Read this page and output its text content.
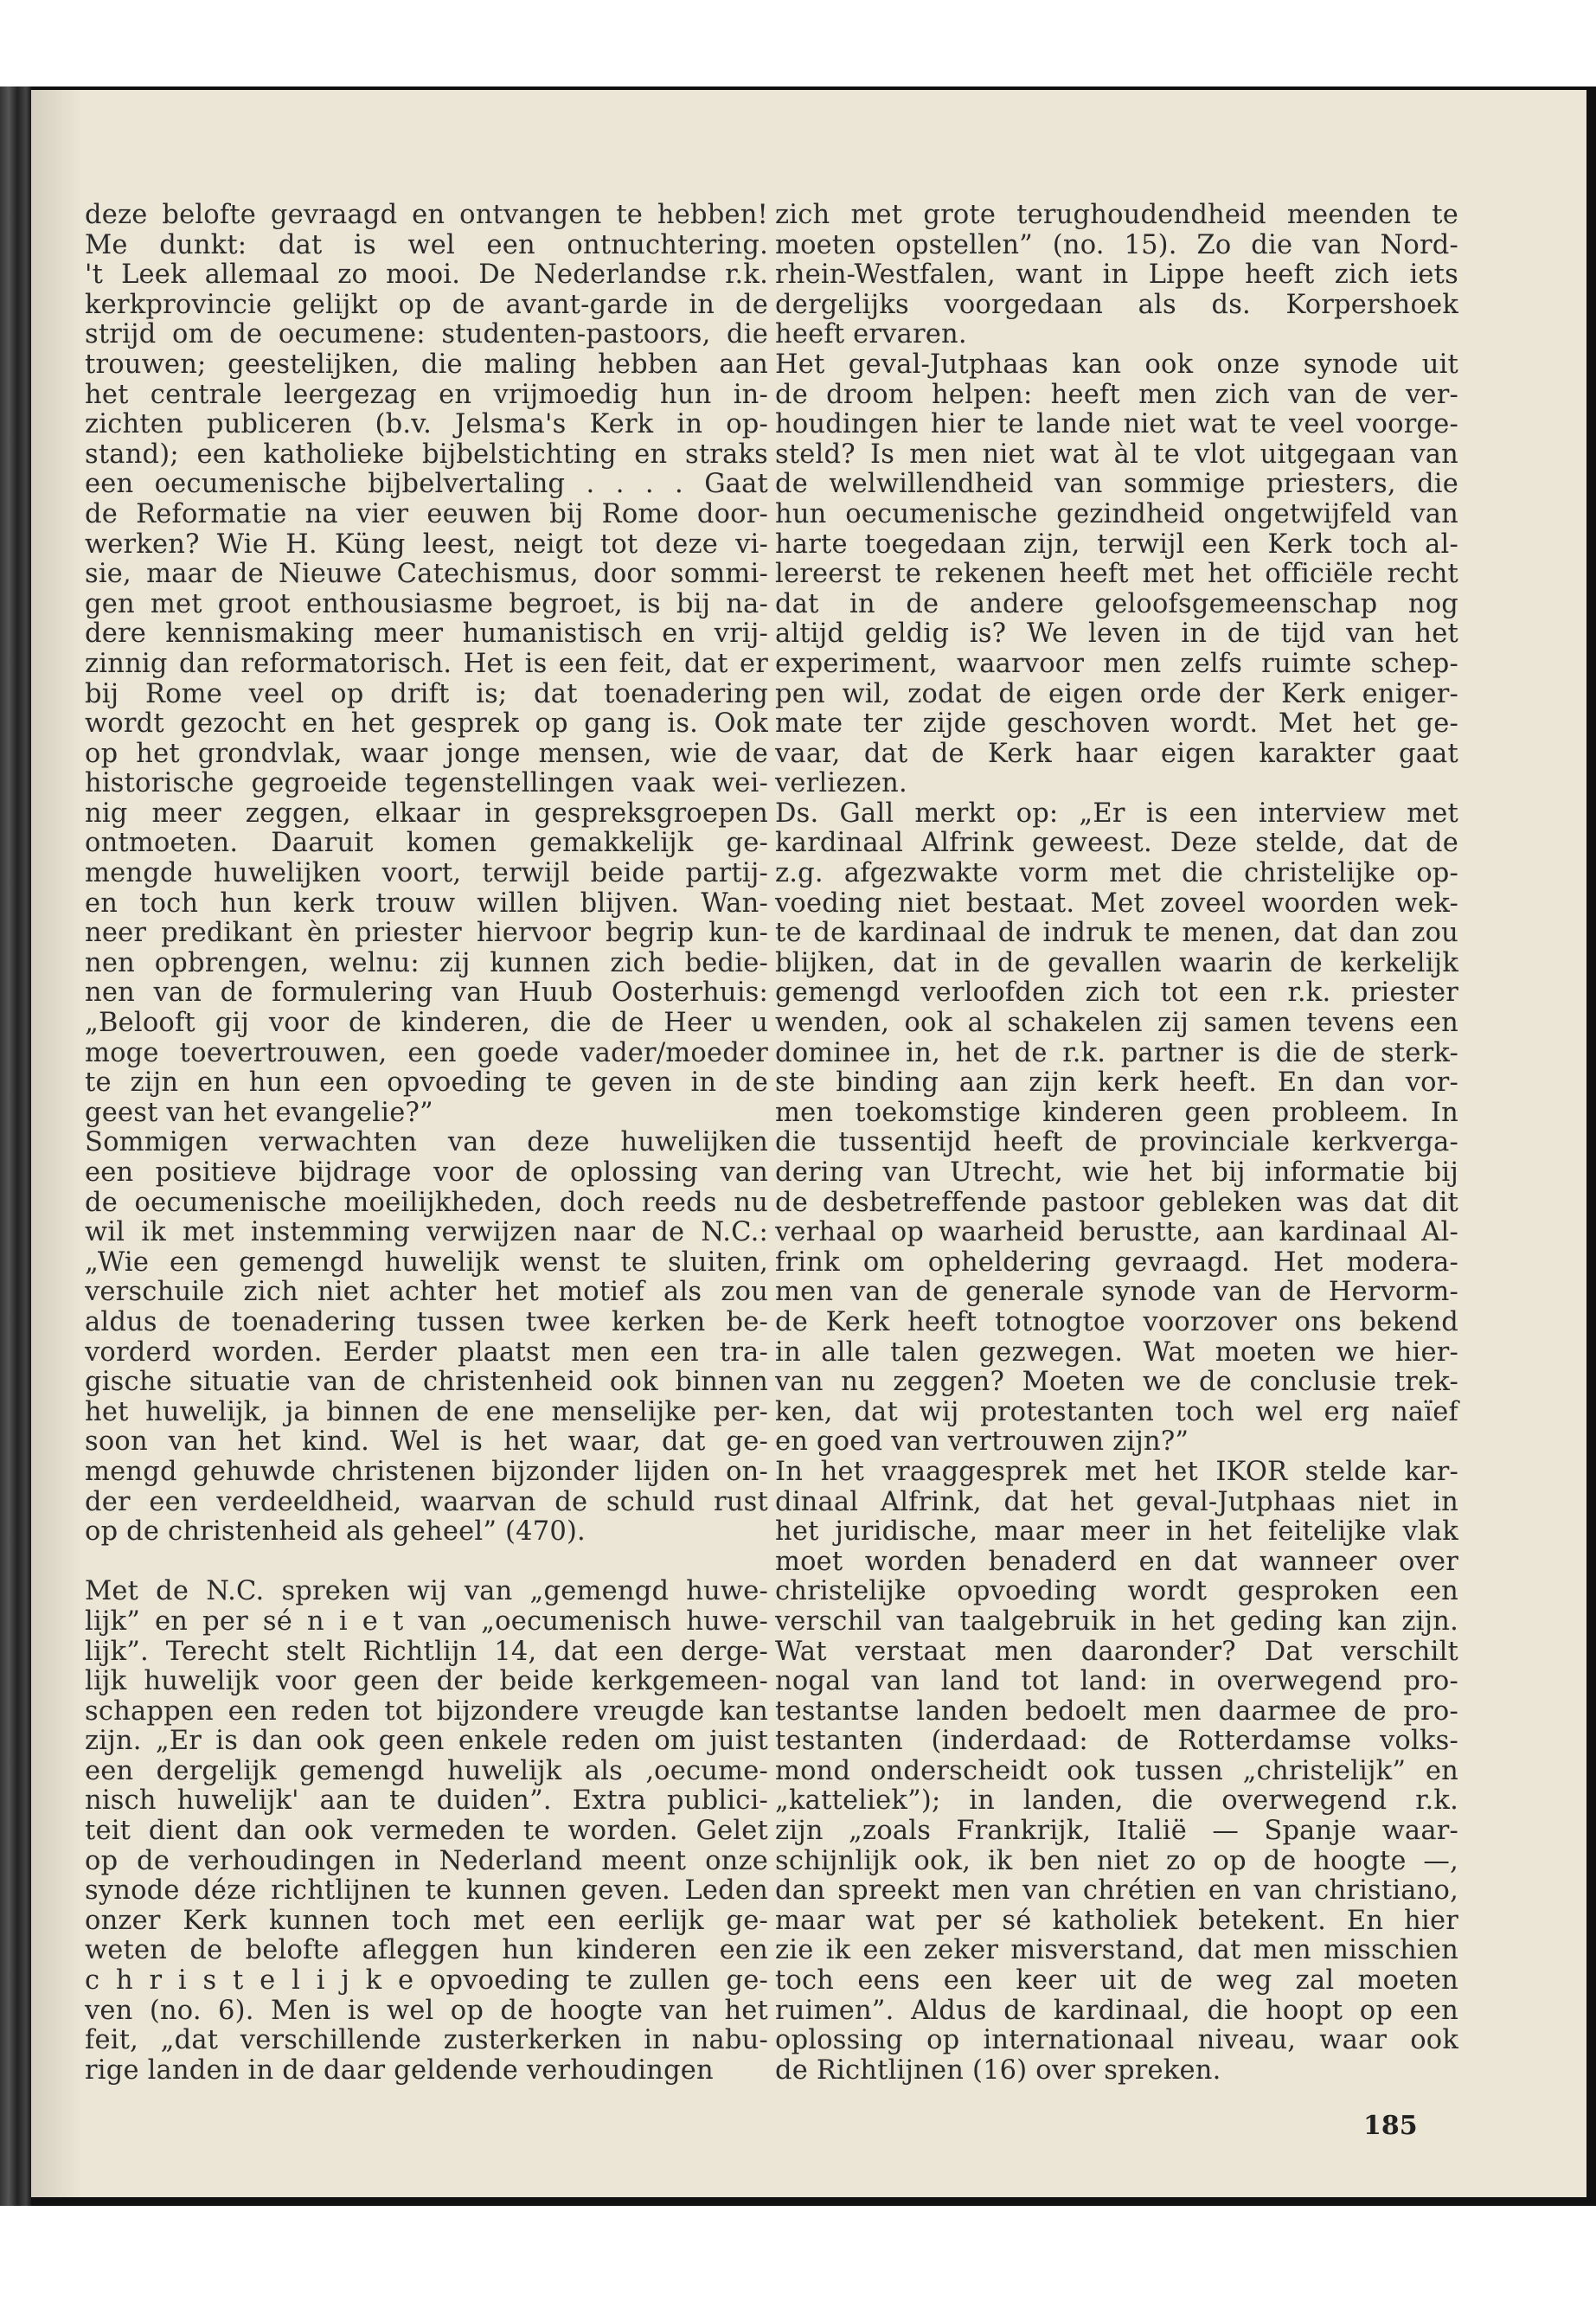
deze belofte gevraagd en ontvangen te hebben!
Me dunkt: dat is wel een ontnuchtering.
't Leek allemaal zo mooi. De Nederlandse r.k.
kerkprovincie gelijkt op de avant-garde in de
strijd om de oecumene: studenten-pastoors, die
trouwen; geestelijken, die maling hebben aan
het centrale leergezag en vrijmoedig hun in-
zichten publiceren (b.v. Jelsma's Kerk in op-
stand); een katholieke bijbelstichting en straks
een oecumenische bijbelvertaling . . . . Gaat
de Reformatie na vier eeuwen bij Rome door-
werken? Wie H. Küng leest, neigt tot deze vi-
sie, maar de Nieuwe Catechismus, door sommi-
gen met groot enthousiasme begroet, is bij na-
dere kennismaking meer humanistisch en vrij-
zinnig dan reformatorisch. Het is een feit, dat er
bij Rome veel op drift is; dat toenadering
wordt gezocht en het gesprek op gang is. Ook
op het grondvlak, waar jonge mensen, wie de
historische gegroeide tegenstellingen vaak wei-
nig meer zeggen, elkaar in gespreksgroepen
ontmoeten. Daaruit komen gemakkelijk ge-
mengde huwelijken voort, terwijl beide partij-
en toch hun kerk trouw willen blijven. Wan-
neer predikant èn priester hiervoor begrip kun-
nen opbrengen, welnu: zij kunnen zich bedie-
nen van de formulering van Huub Oosterhuis:
„Belooft gij voor de kinderen, die de Heer u
moge toevertrouwen, een goede vader/moeder
te zijn en hun een opvoeding te geven in de
geest van het evangelie?”
Sommigen verwachten van deze huwelijken
een positieve bijdrage voor de oplossing van
de oecumenische moeilijkheden, doch reeds nu
wil ik met instemming verwijzen naar de N.C.:
„Wie een gemengd huwelijk wenst te sluiten,
verschuile zich niet achter het motief als zou
aldus de toenadering tussen twee kerken be-
vorderd worden. Eerder plaatst men een tra-
gische situatie van de christenheid ook binnen
het huwelijk, ja binnen de ene menselijke per-
soon van het kind. Wel is het waar, dat ge-
mengd gehuwde christenen bijzonder lijden on-
der een verdeeldheid, waarvan de schuld rust
op de christenheid als geheel” (470).
Met de N.C. spreken wij van „gemengd huwe-
lijk” en per sé n i e t van „oecumenisch huwe-
lijk”. Terecht stelt Richtlijn 14, dat een derge-
lijk huwelijk voor geen der beide kerkgemeen-
schappen een reden tot bijzondere vreugde kan
zijn. „Er is dan ook geen enkele reden om juist
een dergelijk gemengd huwelijk als ‚oecume-
nisch huwelijk' aan te duiden”. Extra publici-
teit dient dan ook vermeden te worden. Gelet
op de verhoudingen in Nederland meent onze
synode déze richtlijnen te kunnen geven. Leden
onzer Kerk kunnen toch met een eerlijk ge-
weten de belofte afleggen hun kinderen een
c h r i s t e l i j k e opvoeding te zullen ge-
ven (no. 6). Men is wel op de hoogte van het
feit, „dat verschillende zusterkerken in nabu-
rige landen in de daar geldende verhoudingen
zich met grote terughoudendheid meenden te
moeten opstellen” (no. 15). Zo die van Nord-
rhein-Westfalen, want in Lippe heeft zich iets
dergelijks voorgedaan als ds. Korpershoek
heeft ervaren.
Het geval-Jutphaas kan ook onze synode uit
de droom helpen: heeft men zich van de ver-
houdingen hier te lande niet wat te veel voorge-
steld? Is men niet wat àl te vlot uitgegaan van
de welwillendheid van sommige priesters, die
hun oecumenische gezindheid ongetwijfeld van
harte toegedaan zijn, terwijl een Kerk toch al-
lereerst te rekenen heeft met het officiële recht
dat in de andere geloofsgemeenschap nog
altijd geldig is? We leven in de tijd van het
experiment, waarvoor men zelfs ruimte schep-
pen wil, zodat de eigen orde der Kerk eniger-
mate ter zijde geschoven wordt. Met het ge-
vaar, dat de Kerk haar eigen karakter gaat
verliezen.
Ds. Gall merkt op: „Er is een interview met
kardinaal Alfrink geweest. Deze stelde, dat de
z.g. afgezwakte vorm met die christelijke op-
voeding niet bestaat. Met zoveel woorden wek-
te de kardinaal de indruk te menen, dat dan zou
blijken, dat in de gevallen waarin de kerkelijk
gemengd verloofden zich tot een r.k. priester
wenden, ook al schakelen zij samen tevens een
dominee in, het de r.k. partner is die de sterk-
ste binding aan zijn kerk heeft. En dan vor-
men toekomstige kinderen geen probleem. In
die tussentijd heeft de provinciale kerkverga-
dering van Utrecht, wie het bij informatie bij
de desbetreffende pastoor gebleken was dat dit
verhaal op waarheid berustte, aan kardinaal Al-
frink om opheldering gevraagd. Het modera-
men van de generale synode van de Hervorm-
de Kerk heeft totnogtoe voorzover ons bekend
in alle talen gezwegen. Wat moeten we hier-
van nu zeggen? Moeten we de conclusie trek-
ken, dat wij protestanten toch wel erg naïef
en goed van vertrouwen zijn?”
In het vraaggesprek met het IKOR stelde kar-
dinaal Alfrink, dat het geval-Jutphaas niet in
het juridische, maar meer in het feitelijke vlak
moet worden benaderd en dat wanneer over
christelijke opvoeding wordt gesproken een
verschil van taalgebruik in het geding kan zijn.
Wat verstaat men daaronder? Dat verschilt
nogal van land tot land: in overwegend pro-
testantse landen bedoelt men daarmee de pro-
testanten (inderdaad: de Rotterdamse volks-
mond onderscheidt ook tussen „christelijk” en
„katteliek”); in landen, die overwegend r.k.
zijn „zoals Frankrijk, Italië — Spanje waar-
schijnlijk ook, ik ben niet zo op de hoogte —,
dan spreekt men van chrétien en van christiano,
maar wat per sé katholiek betekent. En hier
zie ik een zeker misverstand, dat men misschien
toch eens een keer uit de weg zal moeten
ruimen”. Aldus de kardinaal, die hoopt op een
oplossing op internationaal niveau, waar ook
de Richtlijnen (16) over spreken.
185
